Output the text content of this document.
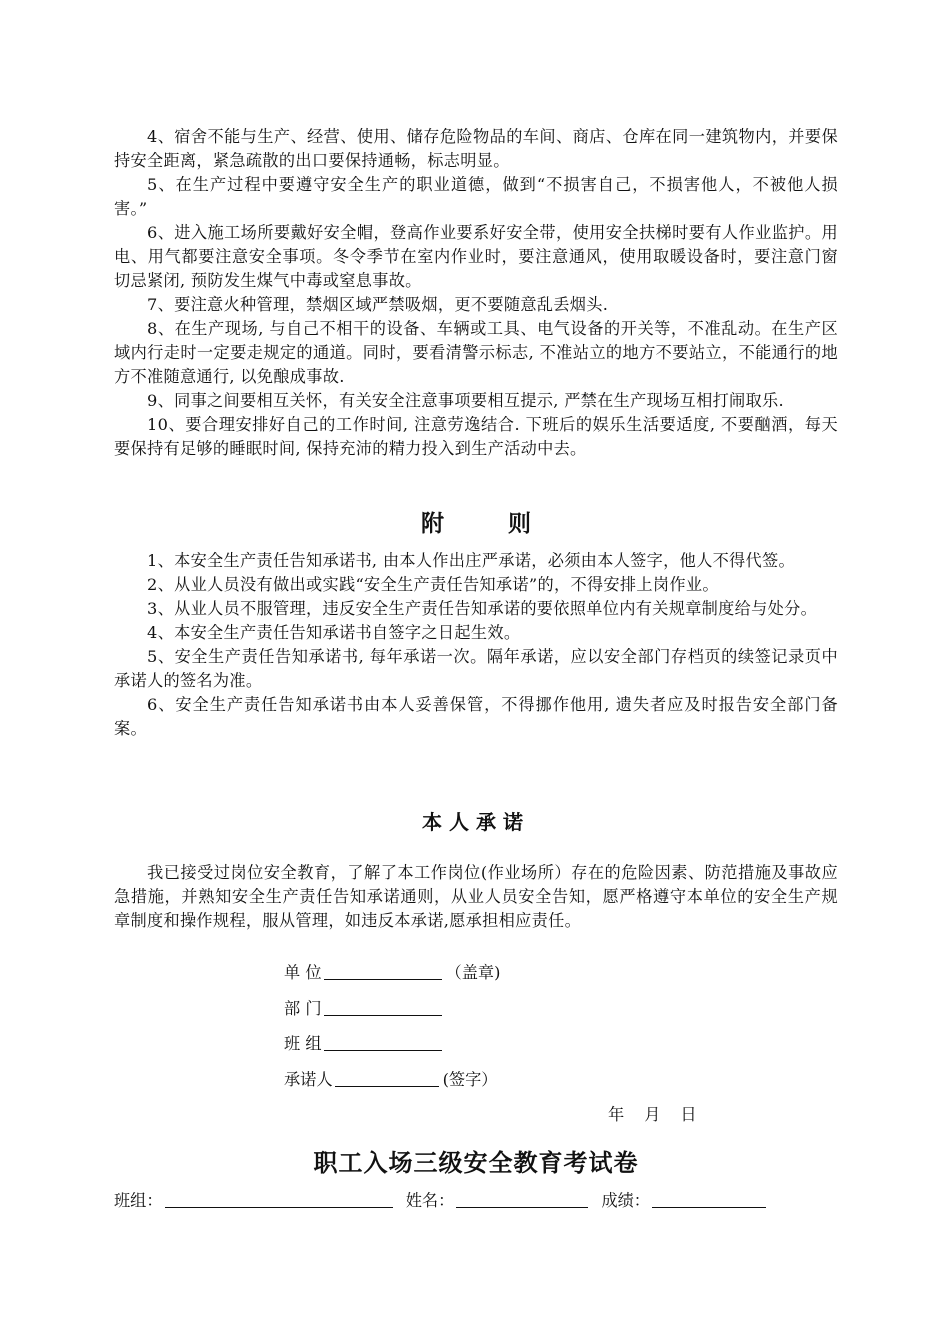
4、宿舍不能与生产、经营、使用、储存危险物品的车间、商店、仓库在同一建筑物内，并要保持安全距离，紧急疏散的出口要保持通畅，标志明显。

5、在生产过程中要遵守安全生产的职业道德，做到“不损害自己，不损害他人，不被他人损害。”

6、进入施工场所要戴好安全帽，登高作业要系好安全带，使用安全扶梯时要有人作业监护。用电、用气都要注意安全事项。冬令季节在室内作业时，要注意通风，使用取暖设备时，要注意门窗切忌紧闭, 预防发生煤气中毒或窒息事故。

7、要注意火种管理，禁烟区域严禁吸烟，更不要随意乱丢烟头.

8、在生产现场, 与自己不相干的设备、车辆或工具、电气设备的开关等，不准乱动。在生产区域内行走时一定要走规定的通道。同时，要看清警示标志, 不准站立的地方不要站立，不能通行的地方不准随意通行, 以免酿成事故.

9、同事之间要相互关怀，有关安全注意事项要相互提示, 严禁在生产现场互相打闹取乐.

10、要合理安排好自己的工作时间, 注意劳逸结合. 下班后的娱乐生活要适度, 不要酗酒，每天要保持有足够的睡眠时间, 保持充沛的精力投入到生产活动中去。

附 则

1、本安全生产责任告知承诺书, 由本人作出庄严承诺，必须由本人签字，他人不得代签。

2、从业人员没有做出或实践“安全生产责任告知承诺”的，不得安排上岗作业。

3、从业人员不服管理，违反安全生产责任告知承诺的要依照单位内有关规章制度给与处分。

4、本安全生产责任告知承诺书自签字之日起生效。

5、安全生产责任告知承诺书, 每年承诺一次。隔年承诺，应以安全部门存档页的续签记录页中承诺人的签名为准。

6、安全生产责任告知承诺书由本人妥善保管，不得挪作他用, 遗失者应及时报告安全部门备案。

本人承诺

我已接受过岗位安全教育，了解了本工作岗位(作业场所）存在的危险因素、防范措施及事故应急措施，并熟知安全生产责任告知承诺通则，从业人员安全告知，愿严格遵守本单位的安全生产规章制度和操作规程，服从管理，如违反本承诺,愿承担相应责任。

单 位	（盖章)
部 门
班 组
承诺人	(签字）
年 月 日
职工入场三级安全教育考试卷
班组：	姓名：	成绩：
